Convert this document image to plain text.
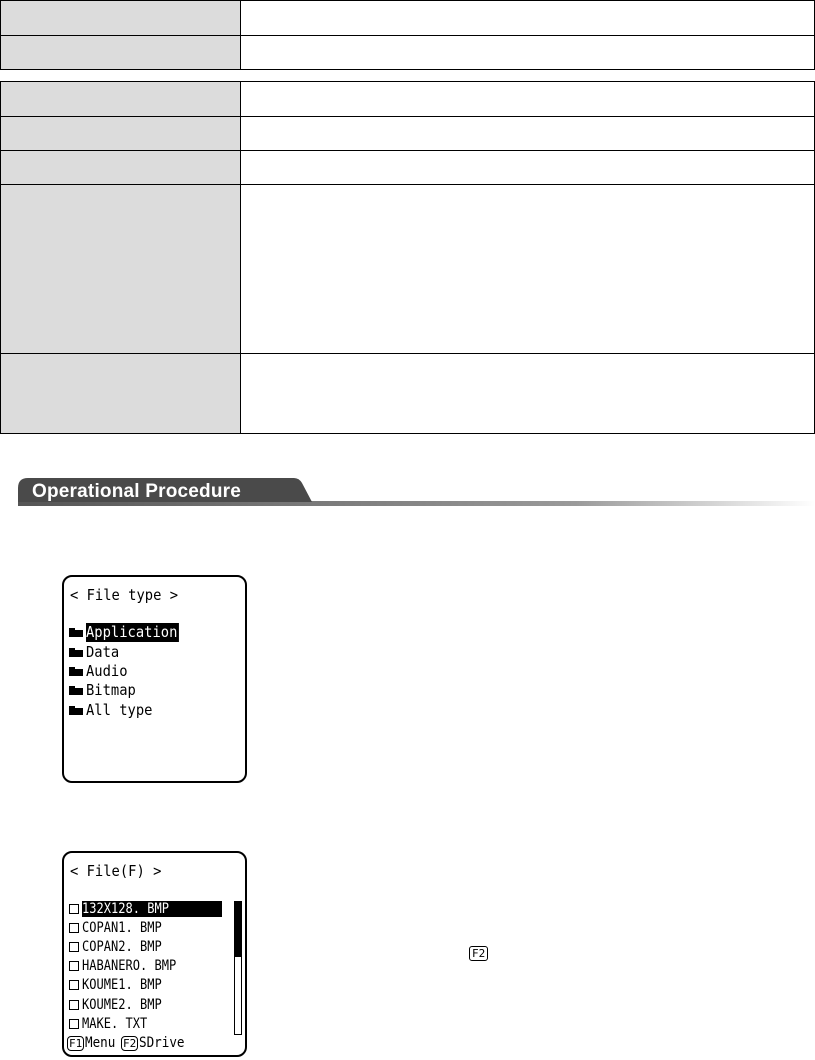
Operational Procedure
< File type >
Application
Data
Audio
Bitmap
All type
< File(F) >
132X128. BMP
COPAN1. BMP
COPAN2. BMP
HABANERO. BMP
KOUME1. BMP
KOUME2. BMP
MAKE. TXT
F1 Menu F2 SDrive
F2
